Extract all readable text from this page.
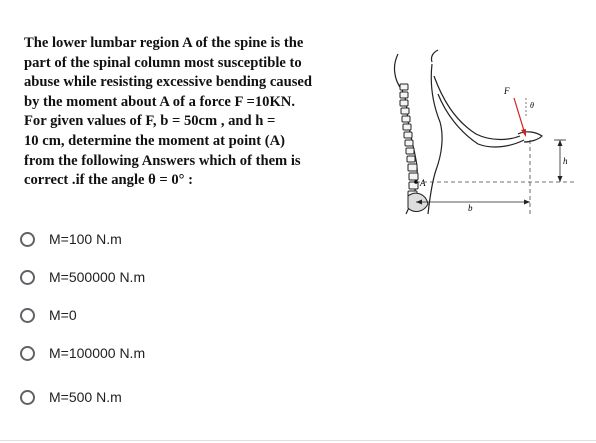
The lower lumbar region A of the spine is the
part of the spinal column most susceptible to
abuse while resisting excessive bending caused
by the moment about A of a force F =10KN.
For given values of F, b = 50cm , and h =
10 cm, determine the moment at point (A)
from the following Answers which of them is
correct .if the angle θ = 0° :	A
b
h
F
θ
M=100 N.m
M=500000 N.m
M=0
M=100000 N.m
M=500 N.m
